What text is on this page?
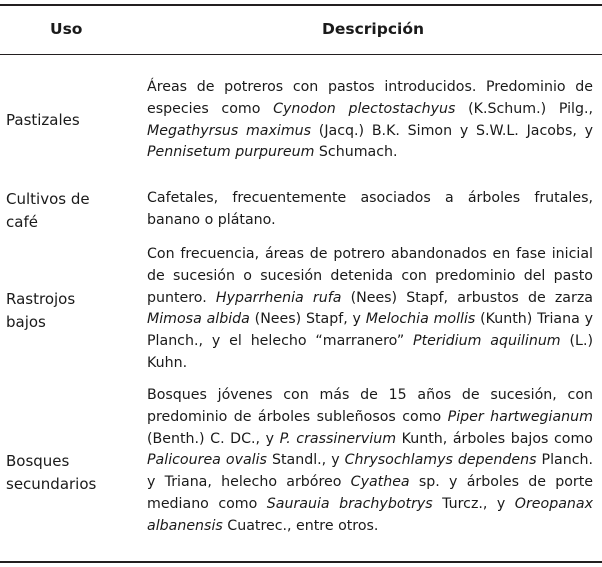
Uso	Descripción
Pastizales
Áreas de potreros con pastos introducidos. Predominio de especies como Cynodon plectostachyus (K.Schum.) Pilg., Megathyrsus maximus (Jacq.) B.K. Simon y S.W.L. Jacobs, y Pennisetum purpureum Schumach.
Cultivos de café
Cafetales, frecuentemente asociados a árboles frutales, banano o plátano.
Rastrojos bajos
Con frecuencia, áreas de potrero abandonados en fase inicial de sucesión o sucesión detenida con predominio del pasto puntero. Hyparrhenia rufa (Nees) Stapf, arbustos de zarza Mimosa albida (Nees) Stapf, y Melochia mollis (Kunth) Triana y Planch., y el helecho “marranero” Pteridium aquilinum (L.) Kuhn.
Bosques secundarios
Bosques jóvenes con más de 15 años de sucesión, con predominio de árboles subleñosos como Piper hartwegianum (Benth.) C. DC., y P. crassinervium Kunth, árboles bajos como Palicourea ovalis Standl., y Chrysochlamys dependens Planch. y Triana, helecho arbóreo Cyathea sp. y árboles de porte mediano como Saurauia brachybotrys Turcz., y Oreopanax albanensis Cuatrec., entre otros.
